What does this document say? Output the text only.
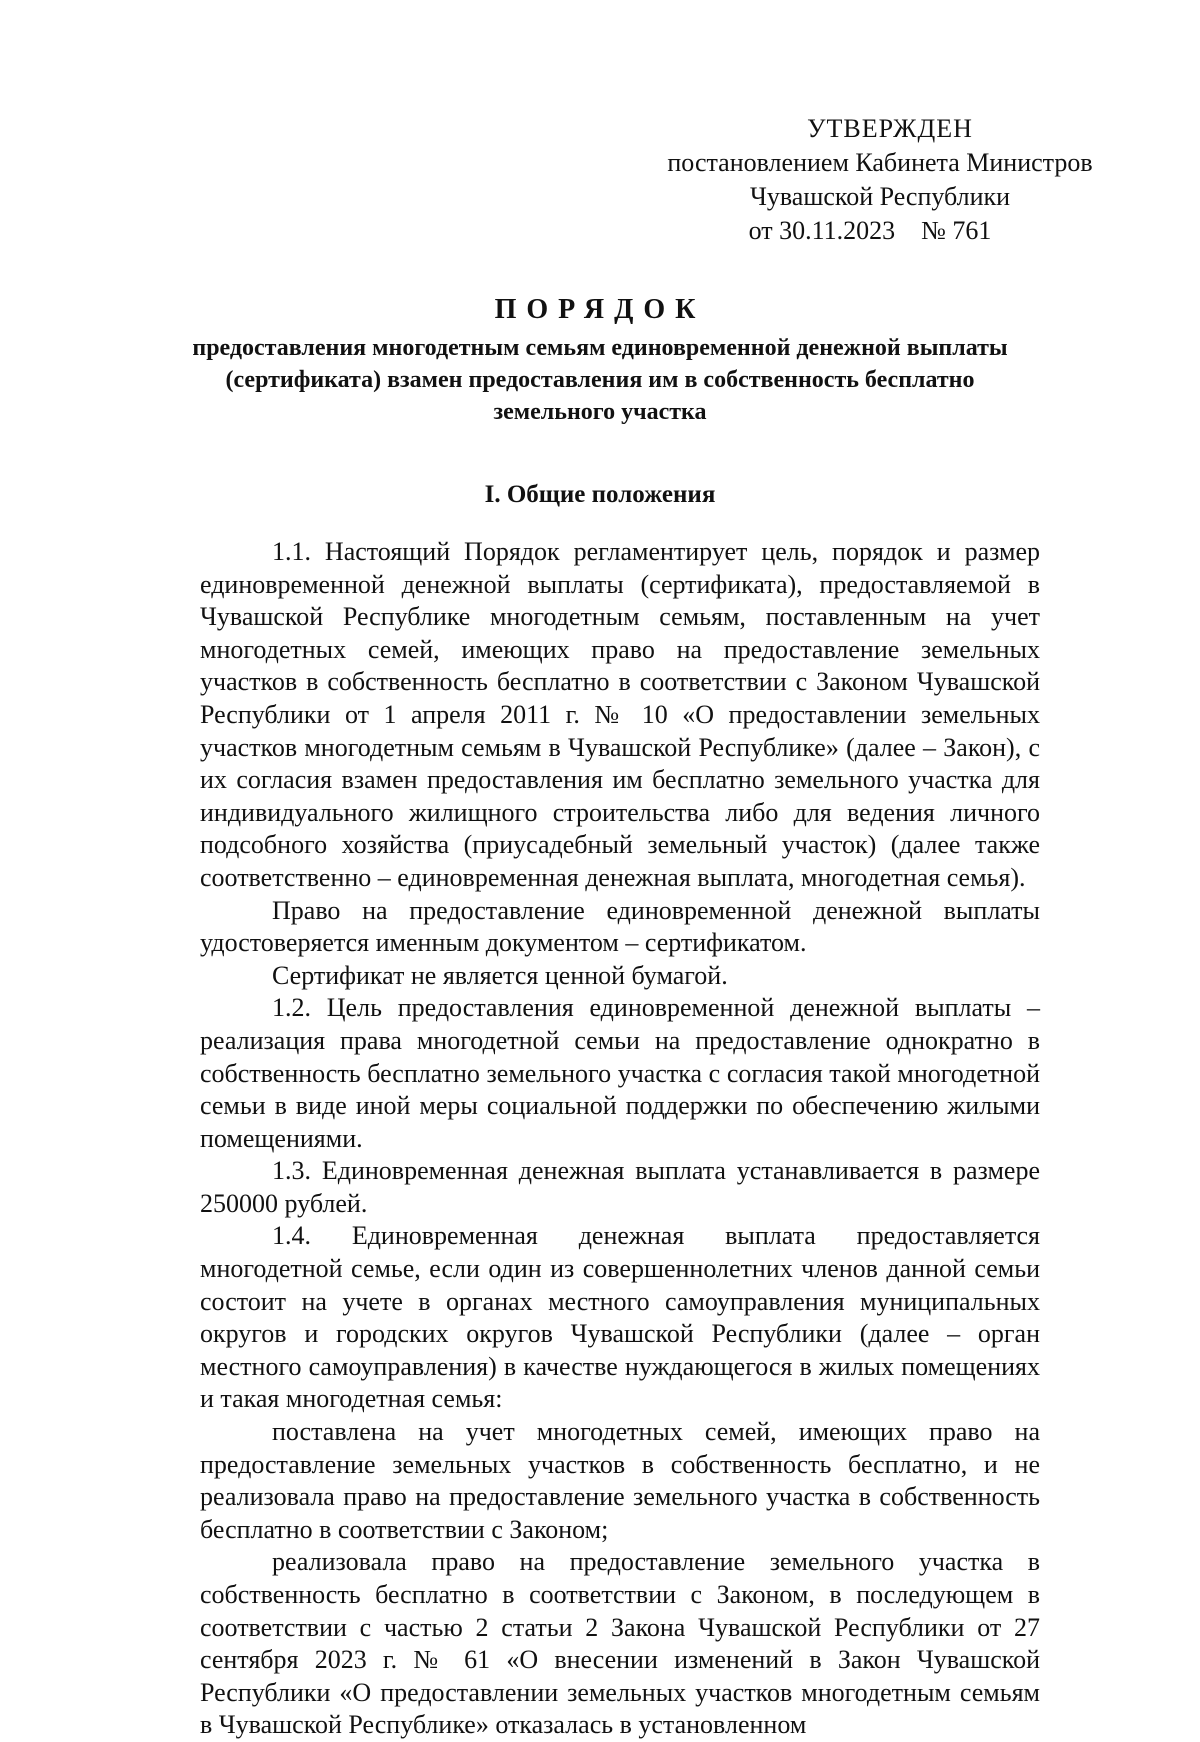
УТВЕРЖДЕН
постановлением Кабинета Министров
Чувашской Республики
от 30.11.2023    № 761
ПОРЯДОК
предоставления многодетным семьям единовременной денежной выплаты (сертификата) взамен предоставления им в собственность бесплатно земельного участка
I. Общие положения

1.1. Настоящий Порядок регламентирует цель, порядок и размер единовременной денежной выплаты (сертификата), предоставляемой в Чувашской Республике многодетным семьям, поставленным на учет многодетных семей, имеющих право на предоставление земельных участков в собственность бесплатно в соответствии с Законом Чувашской Республики от 1 апреля 2011 г. № 10 «О предоставлении земельных участков многодетным семьям в Чувашской Республике» (далее – Закон), с их согласия взамен предоставления им бесплатно земельного участка для индивидуального жилищного строительства либо для ведения личного подсобного хозяйства (приусадебный земельный участок) (далее также соответственно – единовременная денежная выплата, многодетная семья).

Право на предоставление единовременной денежной выплаты удостоверяется именным документом – сертификатом.

Сертификат не является ценной бумагой.

1.2. Цель предоставления единовременной денежной выплаты – реализация права многодетной семьи на предоставление однократно в собственность бесплатно земельного участка с согласия такой многодетной семьи в виде иной меры социальной поддержки по обеспечению жилыми помещениями.

1.3. Единовременная денежная выплата устанавливается в размере 250000 рублей.

1.4. Единовременная денежная выплата предоставляется многодетной семье, если один из совершеннолетних членов данной семьи состоит на учете в органах местного самоуправления муниципальных округов и городских округов Чувашской Республики (далее – орган местного самоуправления) в качестве нуждающегося в жилых помещениях и такая многодетная семья:

поставлена на учет многодетных семей, имеющих право на предоставление земельных участков в собственность бесплатно, и не реализовала право на предоставление земельного участка в собственность бесплатно в соответствии с Законом;

реализовала право на предоставление земельного участка в собственность бесплатно в соответствии с Законом, в последующем в соответствии с частью 2 статьи 2 Закона Чувашской Республики от 27 сентября 2023 г. № 61 «О внесении изменений в Закон Чувашской Республики «О предоставлении земельных участков многодетным семьям в Чувашской Республике» отказалась в установленном
